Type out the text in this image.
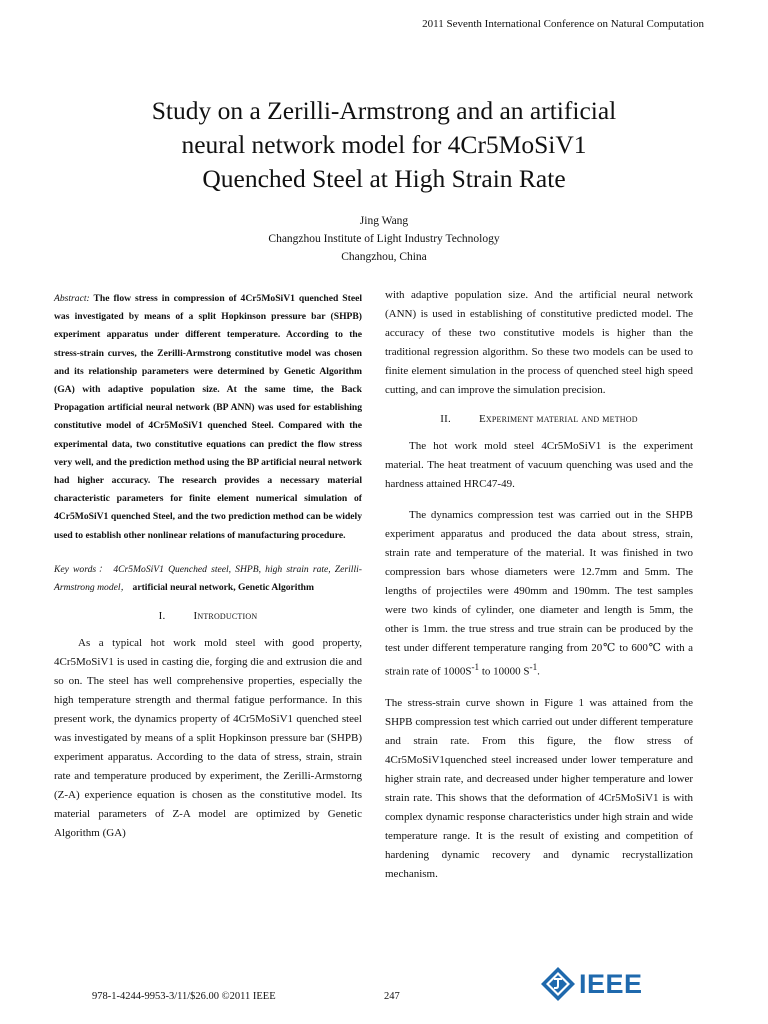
2011 Seventh International Conference on Natural Computation
Study on a Zerilli-Armstrong and an artificial
neural network model for 4Cr5MoSiV1
Quenched Steel at High Strain Rate
Jing Wang
Changzhou Institute of Light Industry Technology
Changzhou, China
Abstract: The flow stress in compression of 4Cr5MoSiV1 quenched Steel was investigated by means of a split Hopkinson pressure bar (SHPB) experiment apparatus under different temperature. According to the stress-strain curves, the Zerilli-Armstrong constitutive model was chosen and its relationship parameters were determined by Genetic Algorithm (GA) with adaptive population size. At the same time, the Back Propagation artificial neural network (BP ANN) was used for establishing constitutive model of 4Cr5MoSiV1 quenched Steel. Compared with the experimental data, two constitutive equations can predict the flow stress very well, and the prediction method using the BP artificial neural network had higher accuracy. The research provides a necessary material characteristic parameters for finite element numerical simulation of 4Cr5MoSiV1 quenched Steel, and the two prediction method can be widely used to establish other nonlinear relations of manufacturing procedure.
Key words： 4Cr5MoSiV1 Quenched steel, SHPB, high strain rate, Zerilli-Armstrong model， artificial neural network, Genetic Algorithm
I.	Introduction
As a typical hot work mold steel with good property, 4Cr5MoSiV1 is used in casting die, forging die and extrusion die and so on. The steel has well comprehensive properties, especially the high temperature strength and thermal fatigue performance. In this present work, the dynamics property of 4Cr5MoSiV1 quenched steel was investigated by means of a split Hopkinson pressure bar (SHPB) experiment apparatus. According to the data of stress, strain, strain rate and temperature produced by experiment, the Zerilli-Armstorng (Z-A) experience equation is chosen as the constitutive model. Its material parameters of Z-A model are optimized by Genetic Algorithm (GA)
with adaptive population size. And the artificial neural network (ANN) is used in establishing of constitutive predicted model. The accuracy of these two constitutive models is higher than the traditional regression algorithm. So these two models can be used to finite element simulation in the process of quenched steel high speed cutting, and can improve the simulation precision.
II.	Experiment material and method
The hot work mold steel 4Cr5MoSiV1 is the experiment material. The heat treatment of vacuum quenching was used and the hardness attained HRC47-49.
The dynamics compression test was carried out in the SHPB experiment apparatus and produced the data about stress, strain, strain rate and temperature of the material. It was finished in two compression bars whose diameters were 12.7mm and 5mm. The lengths of projectiles were 490mm and 190mm. The test samples were two kinds of cylinder, one diameter and length is 5mm, the other is 1mm. the true stress and true strain can be produced by the test under different temperature ranging from 20℃ to 600℃ with a strain rate of $1000S^{-1}$ to 10000 $S^{-1}$.
The stress-strain curve shown in Figure 1 was attained from the SHPB compression test which carried out under different temperature and strain rate. From this figure, the flow stress of 4Cr5MoSiV1quenched steel increased under lower temperature and higher strain rate, and decreased under higher temperature and lower strain rate. This shows that the deformation of 4Cr5MoSiV1 is with complex dynamic response characteristics under high strain and wide temperature range. It is the result of existing and competition of hardening dynamic recovery and dynamic recrystallization mechanism.
978-1-4244-9953-3/11/$26.00 ©2011 IEEE	247	IEEE
